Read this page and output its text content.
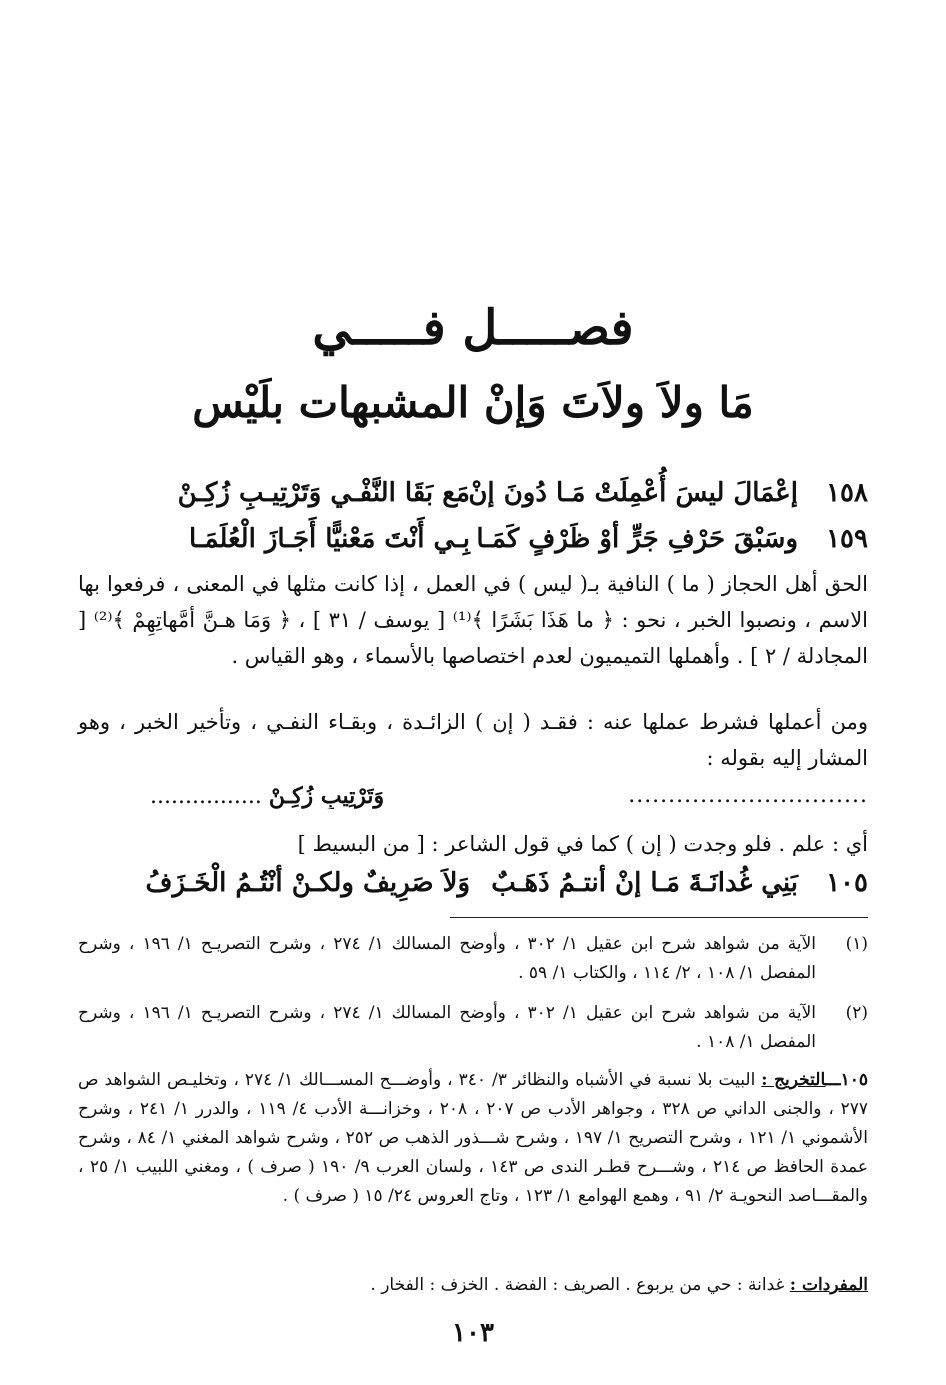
فصـــــل فـــــي
مَا ولاَ ولاَتَ وَإنْ المشبهات بلَيْس
١٥٨
إعْمَالَ ليسَ أُعْمِلَتْ مَـا دُونَ إنْ
مَع بَقَا النَّفْـي وَتَرْتِيـبِ زُكِـنْ
١٥٩
وسَبْقَ حَرْفِ جَرٍّ أوْ ظَرْفٍ كَمَـا
بِـي أَنْتَ مَعْنيًّا أَجَـازَ الْعُلَمَـا

الحق أهل الحجاز ( ما ) النافية بـ( ليس ) في العمل ، إذا كانت مثلها في المعنى ، فرفعوا بها الاسم ، ونصبوا الخبر ، نحو : ﴿ ما هَذَا بَشَرًا ﴾⁽¹⁾ [ يوسف / ٣١ ] ، ﴿ وَمَا هـنَّ أمَّهاتِهِمْ ﴾⁽²⁾ [ المجادلة / ٢ ] . وأهملها التميميون لعدم اختصاصها بالأسماء ، وهو القياس .

ومن أعملها فشرط عملها عنه : فقـد ( إن ) الزائـدة ، وبقـاء النفـي ، وتأخير الخبر ، وهو المشار إليه بقوله :

..............................
وَتَرْتِيبِ زُكِـنْ ................

أي : علم . فلو وجدت ( إن ) كما في قول الشاعر : [ من البسيط ]

١٠٥
بَنِي غُدانَـةَ مَـا إنْ أنتـمُ ذَهَـبٌ
وَلاَ صَرِيفٌ ولكـنْ أنْتُـمُ الْخَـزَفُ
(١)
الآية من شواهد شرح ابن عقيل ١/ ٣٠٢ ، وأوضح المسالك ١/ ٢٧٤ ، وشرح التصريـح ١/ ١٩٦ ، وشرح المفصل ١/ ١٠٨ ، ٢/ ١١٤ ، والكتاب ١/ ٥٩ .
(٢)
الآية من شواهد شرح ابن عقيل ١/ ٣٠٢ ، وأوضح المسالك ١/ ٢٧٤ ، وشرح التصريـح ١/ ١٩٦ ، وشرح المفصل ١/ ١٠٨ .
١٠٥ـــالتخريج : البيت بلا نسبة في الأشباه والنظائر ٣/ ٣٤٠ ، وأوضـــح المســـالك ١/ ٢٧٤ ، وتخليـص الشواهد ص ٢٧٧ ، والجنى الداني ص ٣٢٨ ، وجواهر الأدب ص ٢٠٧ ، ٢٠٨ ، وخزانـــة الأدب ٤/ ١١٩ ، والدرر ١/ ٢٤١ ، وشرح الأشموني ١/ ١٢١ ، وشرح التصريح ١/ ١٩٧ ، وشرح شـــذور الذهب ص ٢٥٢ ، وشرح شواهد المغني ١/ ٨٤ ، وشرح عمدة الحافظ ص ٢١٤ ، وشـــرح قطـر الندى ص ١٤٣ ، ولسان العرب ٩/ ١٩٠ ( صرف ) ، ومغني اللبيب ١/ ٢٥ ، والمقـــاصد النحويـة ٢/ ٩١ ، وهمع الهوامع ١/ ١٢٣ ، وتاج العروس ٢٤/ ١٥ ( صرف ) .
المفردات : غدانة : حي من يربوع . الصريف : الفضة . الخزف : الفخار .
١٠٣
